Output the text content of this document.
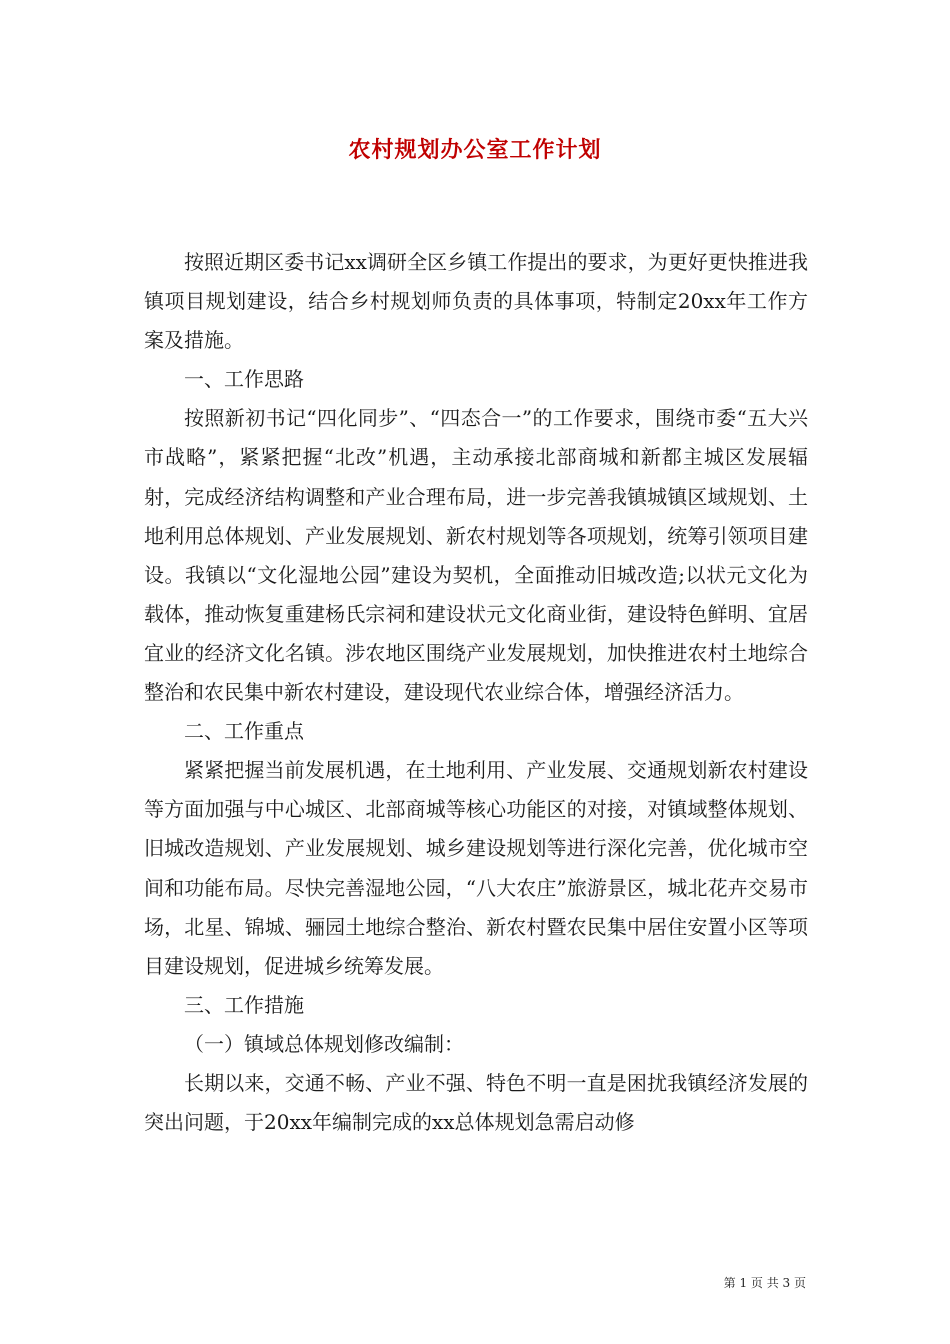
农村规划办公室工作计划

按照近期区委书记xx调研全区乡镇工作提出的要求，为更好更快推进我镇项目规划建设，结合乡村规划师负责的具体事项，特制定20xx年工作方案及措施。

一、工作思路

按照新初书记“四化同步”、“四态合一”的工作要求，围绕市委“五大兴市战略”，紧紧把握“北改”机遇，主动承接北部商城和新都主城区发展辐射，完成经济结构调整和产业合理布局，进一步完善我镇城镇区域规划、土地利用总体规划、产业发展规划、新农村规划等各项规划，统筹引领项目建设。我镇以“文化湿地公园”建设为契机，全面推动旧城改造;以状元文化为载体，推动恢复重建杨氏宗祠和建设状元文化商业街，建设特色鲜明、宜居宜业的经济文化名镇。涉农地区围绕产业发展规划，加快推进农村土地综合整治和农民集中新农村建设，建设现代农业综合体，增强经济活力。

二、工作重点

紧紧把握当前发展机遇，在土地利用、产业发展、交通规划新农村建设等方面加强与中心城区、北部商城等核心功能区的对接，对镇域整体规划、旧城改造规划、产业发展规划、城乡建设规划等进行深化完善，优化城市空间和功能布局。尽快完善湿地公园，“八大农庄”旅游景区，城北花卉交易市场，北星、锦城、骊园土地综合整治、新农村暨农民集中居住安置小区等项目建设规划，促进城乡统筹发展。

三、工作措施

（一）镇域总体规划修改编制：

长期以来，交通不畅、产业不强、特色不明一直是困扰我镇经济发展的突出问题，于20xx年编制完成的xx总体规划急需启动修

第 1 页 共 3 页
